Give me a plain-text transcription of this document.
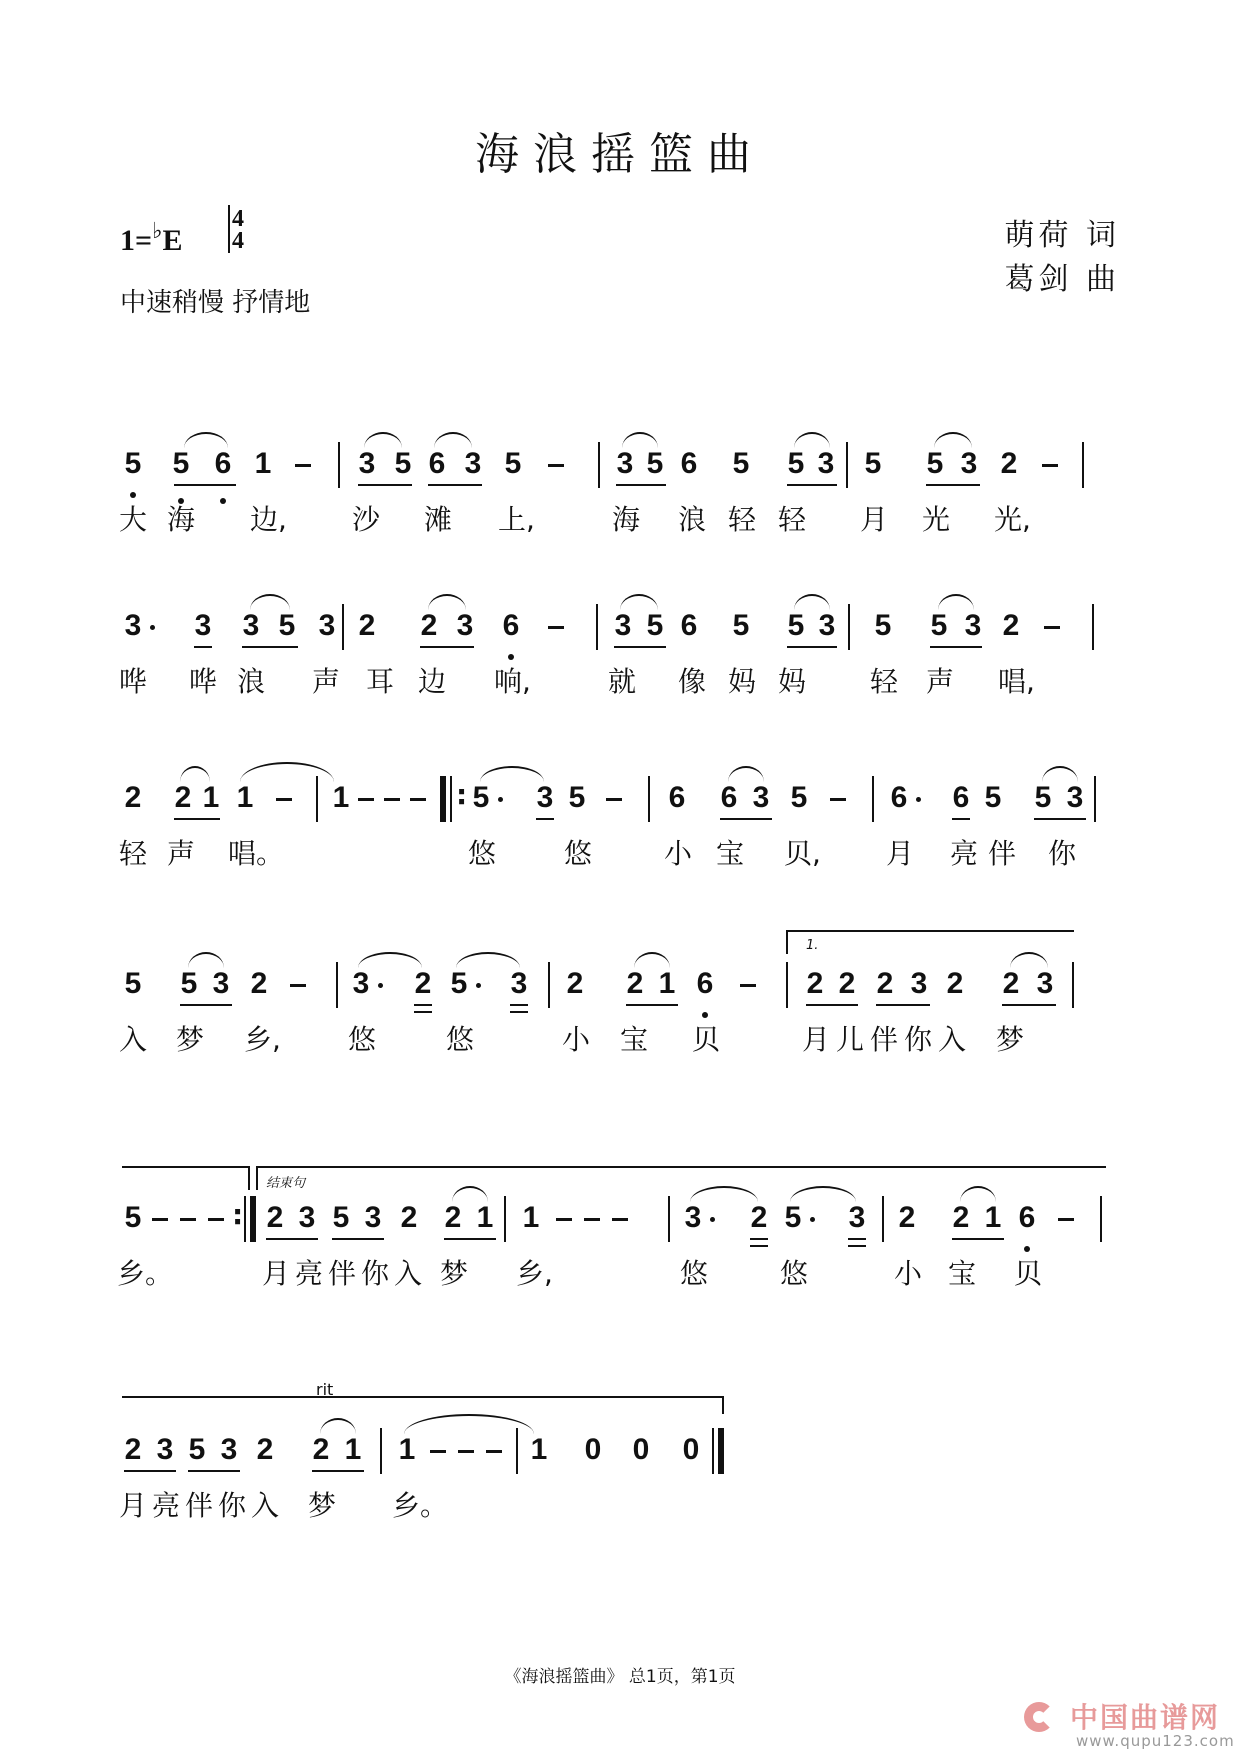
海浪摇篮曲
1=♭E
4
4
中速稍慢 抒情地
萌荷 词
葛剑 曲
5 5 6 1	3 5 6 3 5	3 5 6 5 5 3 5 5 3 2
大 海 边, 沙 滩 上,	海 浪 轻 轻 月 光 光,
3 3 3 5 3 2 2 3 6	3 5 6 5 5 3 5 5 3 2
哗 哗 浪 声 耳 边 响,	就 像 妈 妈 轻 声 唱,
2 2 1 1	1	: 5 3 5	6 6 3 5	6 6 5 5 3
轻 声 唱。	悠 悠	小 宝 贝, 月 亮 伴 你
1.
5 5 3 2	3 2 5 3 2 2 1 6	2 2 2 3 2 2 3
入 梦 乡, 悠 悠	小 宝 贝	月 儿 伴 你 入 梦
结束句
5	: 2 3 5 3 2 2 1 1	3 2 5 3 2 2 1 6
乡。	月 亮 伴 你 入 梦 乡,	悠	悠	小 宝 贝
rit
2 3 5 3 2 2 1 1	1 0 0 0
月 亮 伴 你 入 梦 乡。
《海浪摇篮曲》 总1页，第1页
中国曲谱网
www.qupu123.com
